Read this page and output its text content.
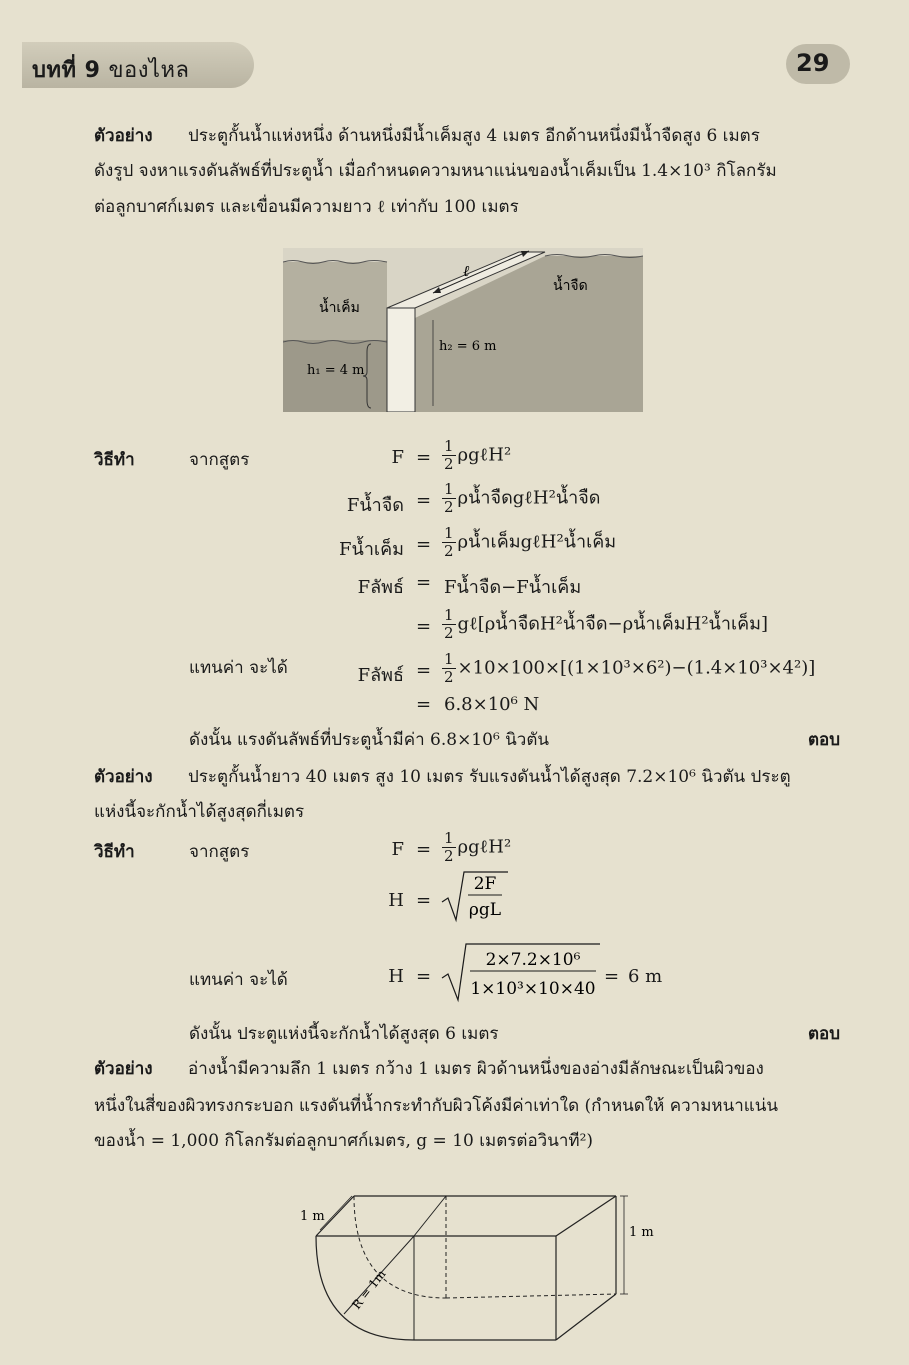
บทที่ 9 ของไหล	29
ตัวอย่าง ประตูกั้นน้ำแห่งหนึ่ง ด้านหนึ่งมีน้ำเค็มสูง 4 เมตร อีกด้านหนึ่งมีน้ำจืดสูง 6 เมตร
ดังรูป จงหาแรงดันลัพธ์ที่ประตูน้ำ เมื่อกำหนดความหนาแน่นของน้ำเค็มเป็น 1.4×10³ กิโลกรัม
ต่อลูกบาศก์เมตร และเขื่อนมีความยาว ℓ เท่ากับ 100 เมตร
ℓ
น้ำเค็ม
น้ำจืด
h₁ = 4 m
h₂ = 6 m
วิธีทำ	จากสูตร	$F = \frac{1}{2}$ ρgℓH²
Fน้ำจืด = $\frac{1}{2}$ ρน้ำจืดgℓH²น้ำจืด
Fน้ำเค็ม = $\frac{1}{2}$ ρน้ำเค็มgℓH²น้ำเค็ม
Fลัพธ์ = Fน้ำจืด−Fน้ำเค็ม
= $\frac{1}{2}$ gℓ[ρน้ำจืดH²น้ำจืด−ρน้ำเค็มH²น้ำเค็ม]
แทนค่า จะได้	Fลัพธ์ = $\frac{1}{2} \times 10\times 100\times[(1\times 10^3\times 6^2)-(1.4\times 10^3\times 4^2)]$
= 6.8×10⁶ N
ดังนั้น แรงดันลัพธ์ที่ประตูน้ำมีค่า 6.8×10⁶ นิวตัน	ตอบ
ตัวอย่าง ประตูกั้นน้ำยาว 40 เมตร สูง 10 เมตร รับแรงดันน้ำได้สูงสุด 7.2×10⁶ นิวตัน ประตู
แห่งนี้จะกักน้ำได้สูงสุดกี่เมตร
วิธีทำ	จากสูตร	$F = \frac{1}{2}$ ρgℓH²
H =
2F
ρgL
แทนค่า จะได้	H =
2×7.2×10⁶
1×10³×10×40
= 6 m
ดังนั้น ประตูแห่งนี้จะกักน้ำได้สูงสุด 6 เมตร	ตอบ
ตัวอย่าง อ่างน้ำมีความลึก 1 เมตร กว้าง 1 เมตร ผิวด้านหนึ่งของอ่างมีลักษณะเป็นผิวของ
หนึ่งในสี่ของผิวทรงกระบอก แรงดันที่น้ำกระทำกับผิวโค้งมีค่าเท่าใด (กำหนดให้ ความหนาแน่น
ของน้ำ = 1,000 กิโลกรัมต่อลูกบาศก์เมตร, g = 10 เมตรต่อวินาที²)
R = 1m
1 m
1 m
